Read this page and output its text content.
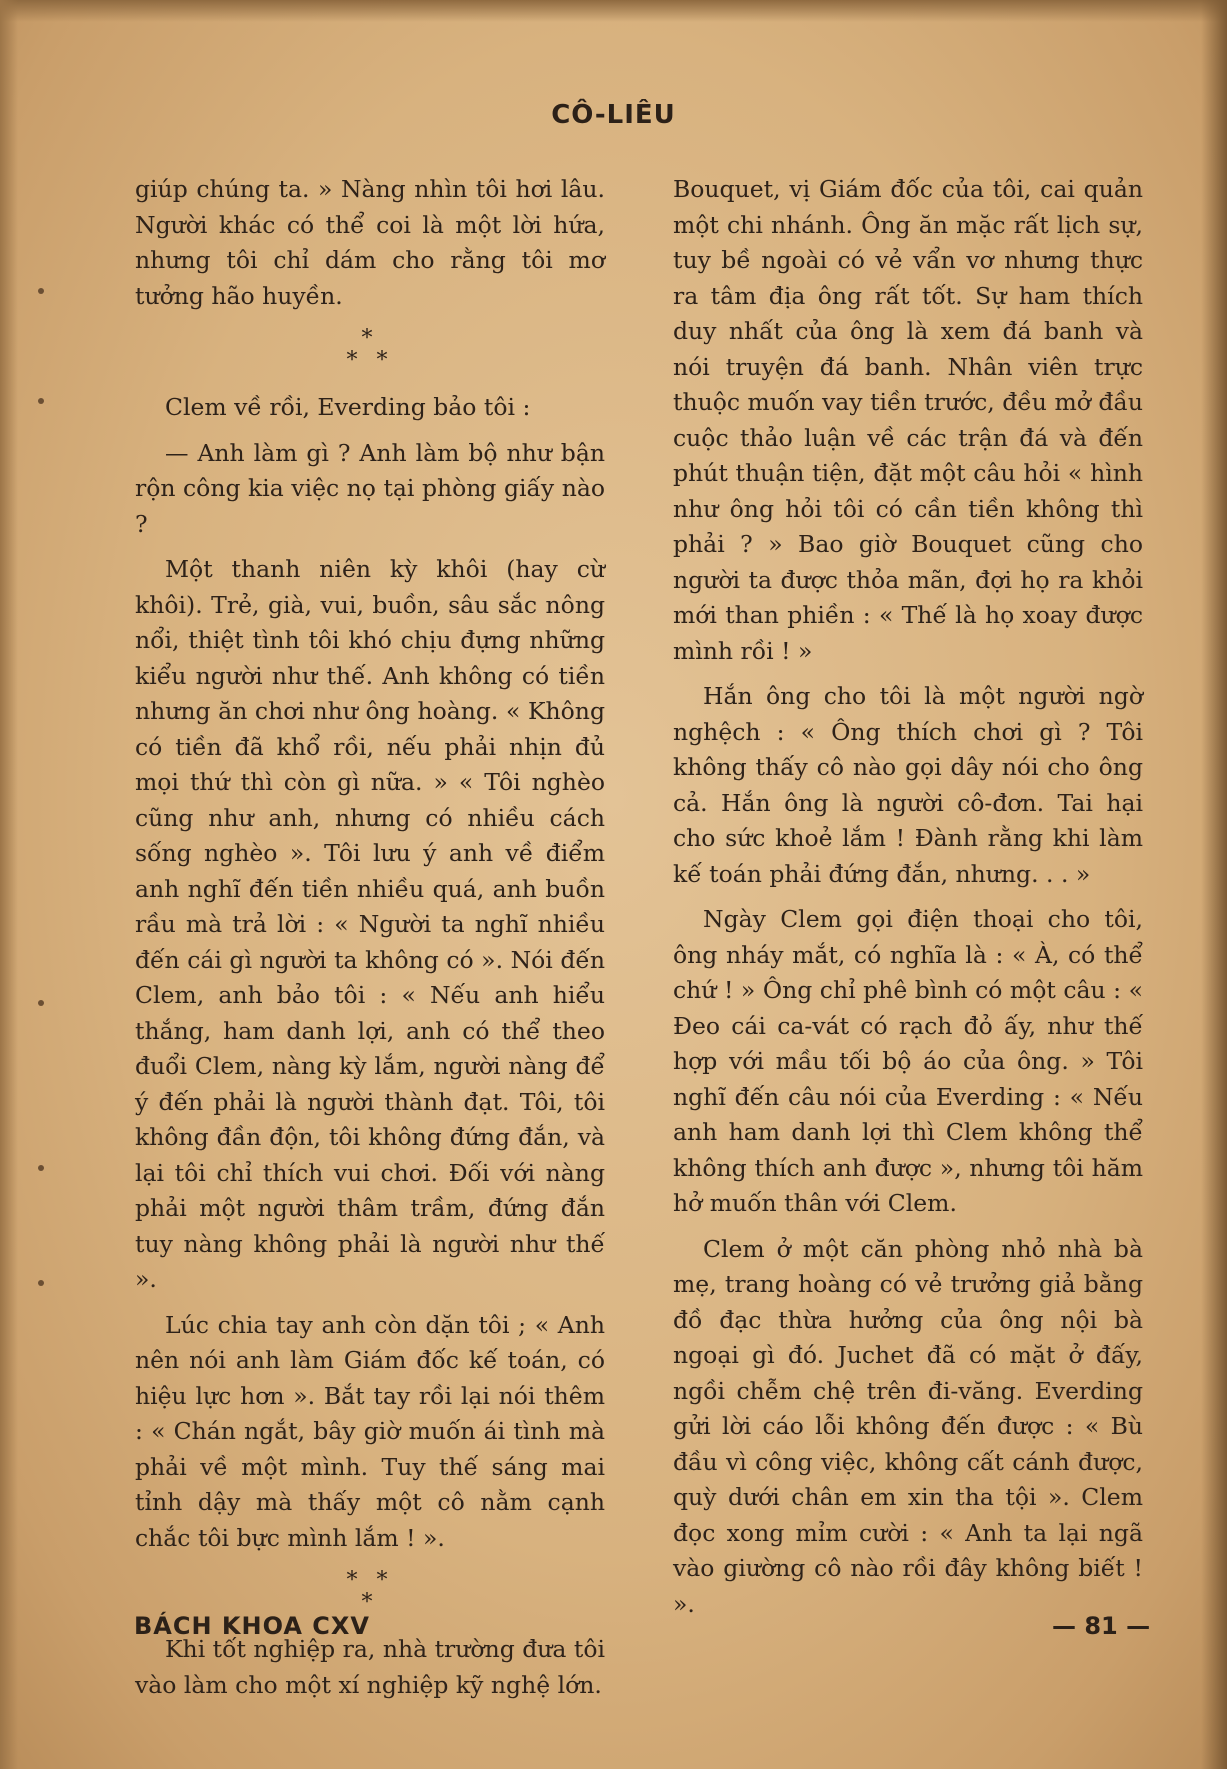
CÔ-LIÊU

giúp chúng ta. » Nàng nhìn tôi hơi lâu. Người khác có thể coi là một lời hứa, nhưng tôi chỉ dám cho rằng tôi mơ tưởng hão huyền.

*
* *

Clem về rồi, Everding bảo tôi :

— Anh làm gì ? Anh làm bộ như bận rộn công kia việc nọ tại phòng giấy nào ?

Một thanh niên kỳ khôi (hay cừ khôi). Trẻ, già, vui, buồn, sâu sắc nông nổi, thiệt tình tôi khó chịu đựng những kiểu người như thế. Anh không có tiền nhưng ăn chơi như ông hoàng. « Không có tiền đã khổ rồi, nếu phải nhịn đủ mọi thứ thì còn gì nữa. » « Tôi nghèo cũng như anh, nhưng có nhiều cách sống nghèo ». Tôi lưu ý anh về điểm anh nghĩ đến tiền nhiều quá, anh buồn rầu mà trả lời : « Người ta nghĩ nhiều đến cái gì người ta không có ». Nói đến Clem, anh bảo tôi : « Nếu anh hiểu thắng, ham danh lợi, anh có thể theo đuổi Clem, nàng kỳ lắm, người nàng để ý đến phải là người thành đạt. Tôi, tôi không đần độn, tôi không đứng đắn, và lại tôi chỉ thích vui chơi. Đối với nàng phải một người thâm trầm, đứng đắn tuy nàng không phải là người như thế ».

Lúc chia tay anh còn dặn tôi ; « Anh nên nói anh làm Giám đốc kế toán, có hiệu lực hơn ». Bắt tay rồi lại nói thêm : « Chán ngắt, bây giờ muốn ái tình mà phải về một mình. Tuy thế sáng mai tỉnh dậy mà thấy một cô nằm cạnh chắc tôi bực mình lắm ! ».

* *
*

Khi tốt nghiệp ra, nhà trường đưa tôi vào làm cho một xí nghiệp kỹ nghệ lớn.

Bouquet, vị Giám đốc của tôi, cai quản một chi nhánh. Ông ăn mặc rất lịch sự, tuy bề ngoài có vẻ vẩn vơ nhưng thực ra tâm địa ông rất tốt. Sự ham thích duy nhất của ông là xem đá banh và nói truyện đá banh. Nhân viên trực thuộc muốn vay tiền trước, đều mở đầu cuộc thảo luận về các trận đá và đến phút thuận tiện, đặt một câu hỏi « hình như ông hỏi tôi có cần tiền không thì phải ? » Bao giờ Bouquet cũng cho người ta được thỏa mãn, đợi họ ra khỏi mới than phiền : « Thế là họ xoay được mình rồi ! »

Hắn ông cho tôi là một người ngờ nghệch : « Ông thích chơi gì ? Tôi không thấy cô nào gọi dây nói cho ông cả. Hắn ông là người cô-đơn. Tai hại cho sức khoẻ lắm ! Đành rằng khi làm kế toán phải đứng đắn, nhưng. . . »

Ngày Clem gọi điện thoại cho tôi, ông nháy mắt, có nghĩa là : « À, có thể chứ ! » Ông chỉ phê bình có một câu : « Đeo cái ca-vát có rạch đỏ ấy, như thế hợp với mầu tối bộ áo của ông. » Tôi nghĩ đến câu nói của Everding : « Nếu anh ham danh lợi thì Clem không thể không thích anh được », nhưng tôi hăm hở muốn thân với Clem.

Clem ở một căn phòng nhỏ nhà bà mẹ, trang hoàng có vẻ trưởng giả bằng đồ đạc thừa hưởng của ông nội bà ngoại gì đó. Juchet đã có mặt ở đấy, ngồi chễm chệ trên đi-văng. Everding gửi lời cáo lỗi không đến được : « Bù đầu vì công việc, không cất cánh được, quỳ dưới chân em xin tha tội ». Clem đọc xong mỉm cười : « Anh ta lại ngã vào giường cô nào rồi đây không biết ! ».

BÁCH KHOA CXV	— 81 —
